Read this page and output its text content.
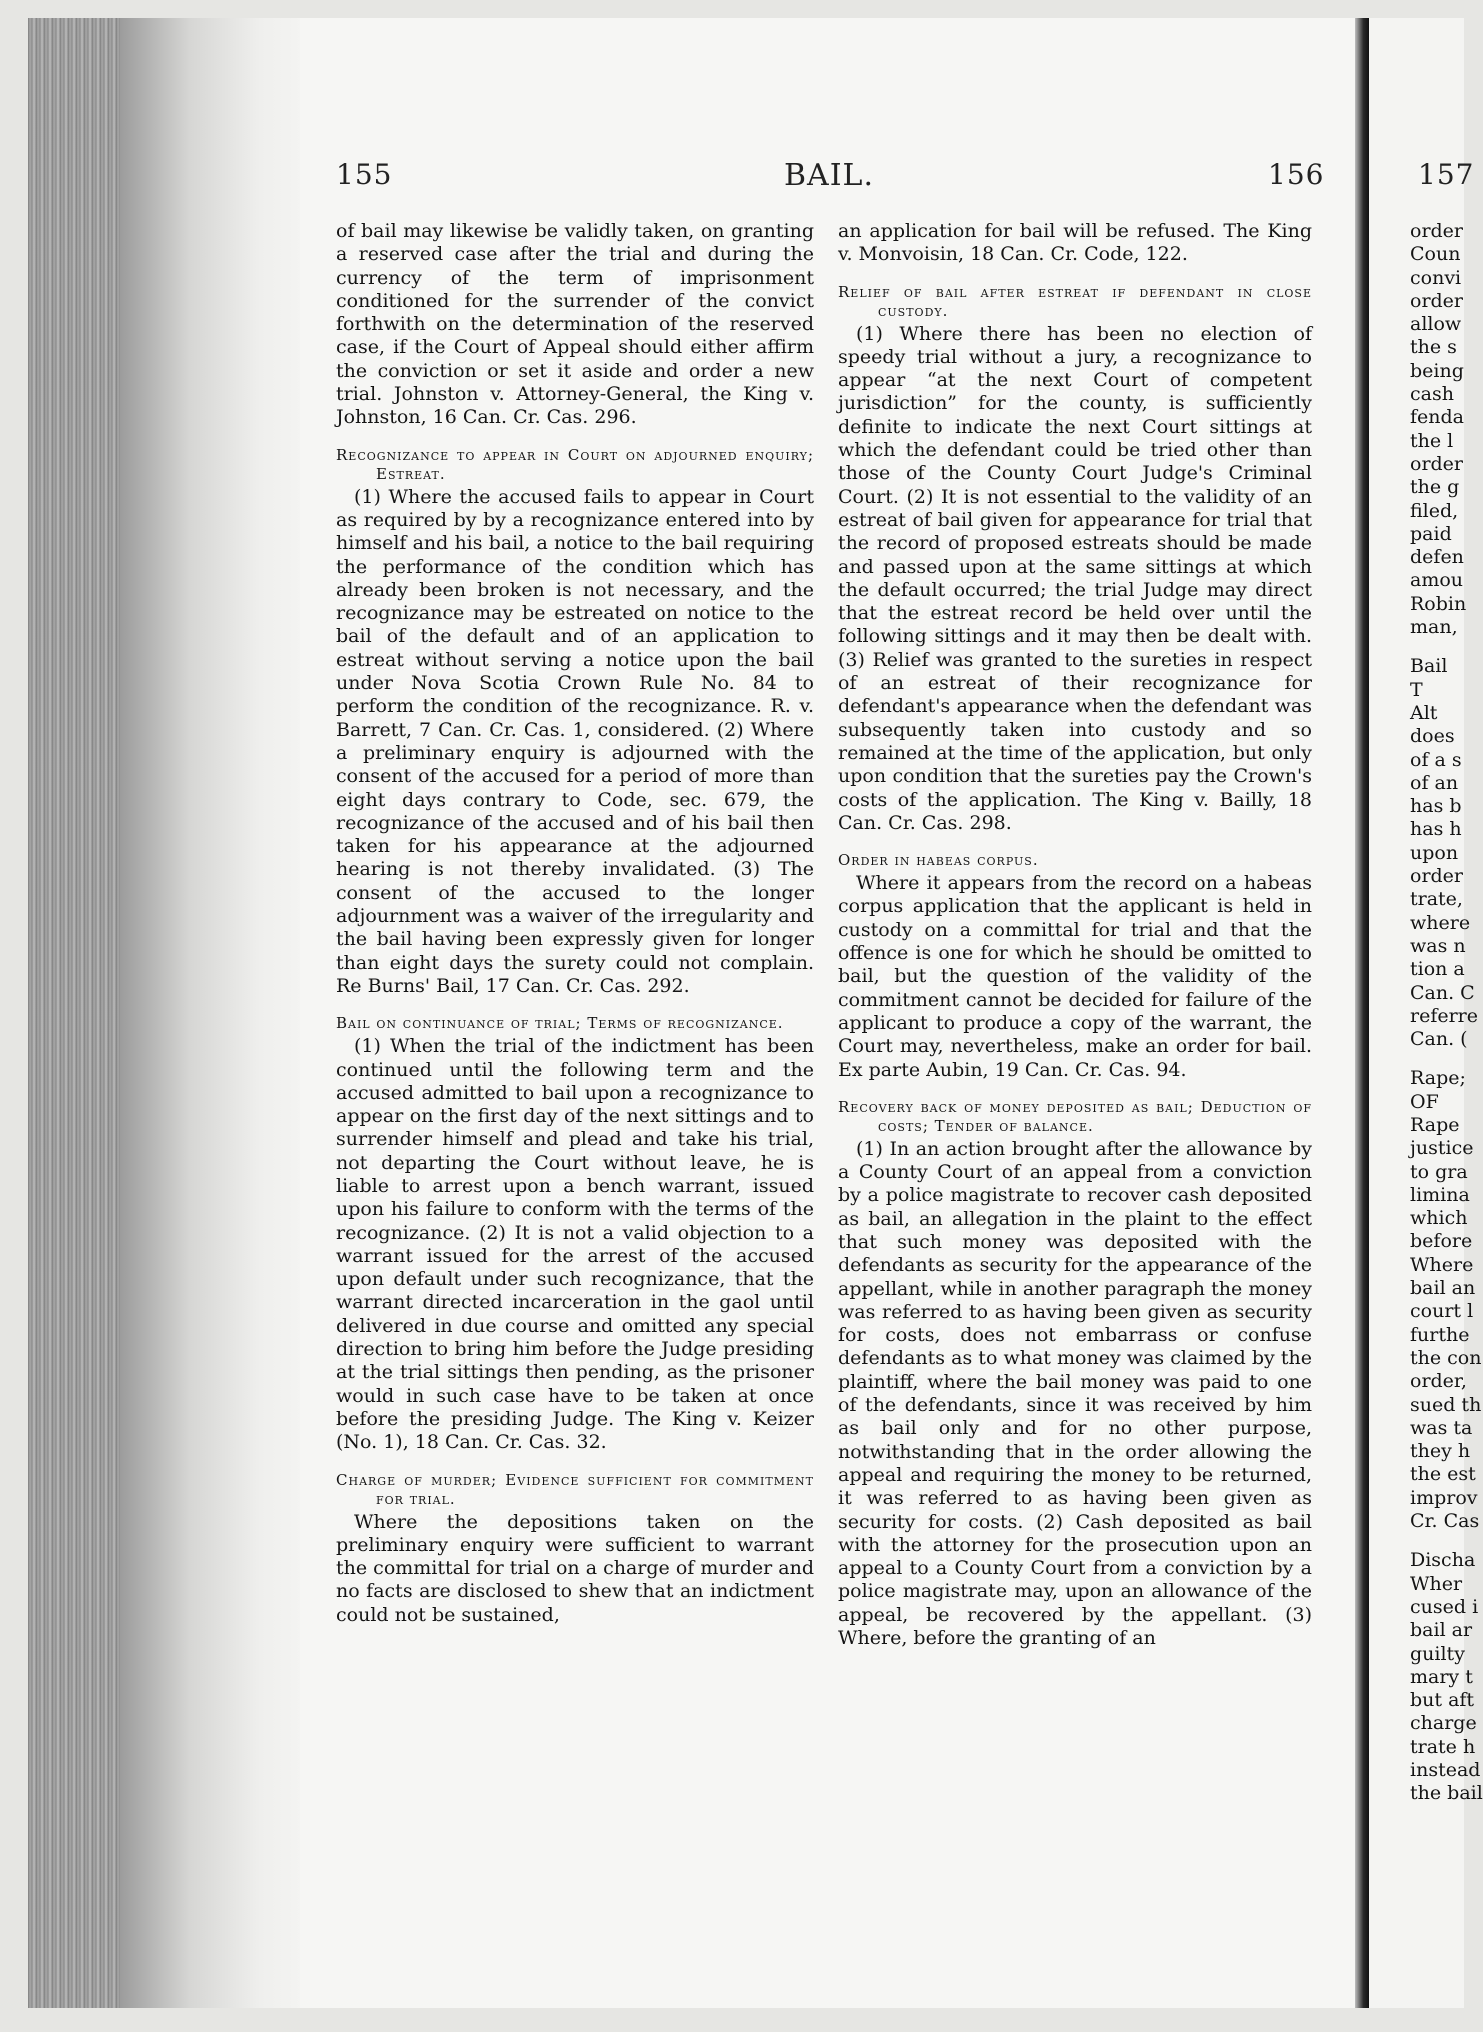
155	BAIL.	156	157

of bail may likewise be validly taken, on granting a reserved case after the trial and during the currency of the term of imprisonment conditioned for the surrender of the convict forthwith on the determination of the reserved case, if the Court of Appeal should either affirm the conviction or set it aside and order a new trial. Johnston v. Attorney-General, the King v. Johnston, 16 Can. Cr. Cas. 296.

Recognizance to appear in Court on adjourned enquiry; Estreat.

(1) Where the accused fails to appear in Court as required by by a recognizance entered into by himself and his bail, a notice to the bail requiring the performance of the condition which has already been broken is not necessary, and the recognizance may be estreated on notice to the bail of the default and of an application to estreat without serving a notice upon the bail under Nova Scotia Crown Rule No. 84 to perform the condition of the recognizance. R. v. Barrett, 7 Can. Cr. Cas. 1, considered. (2) Where a preliminary enquiry is adjourned with the consent of the accused for a period of more than eight days contrary to Code, sec. 679, the recognizance of the accused and of his bail then taken for his appearance at the adjourned hearing is not thereby invalidated. (3) The consent of the accused to the longer adjournment was a waiver of the irregularity and the bail having been expressly given for longer than eight days the surety could not complain. Re Burns' Bail, 17 Can. Cr. Cas. 292.

Bail on continuance of trial; Terms of recognizance.

(1) When the trial of the indictment has been continued until the following term and the accused admitted to bail upon a recognizance to appear on the first day of the next sittings and to surrender himself and plead and take his trial, not departing the Court without leave, he is liable to arrest upon a bench warrant, issued upon his failure to conform with the terms of the recognizance. (2) It is not a valid objection to a warrant issued for the arrest of the accused upon default under such recognizance, that the warrant directed incarceration in the gaol until delivered in due course and omitted any special direction to bring him before the Judge presiding at the trial sittings then pending, as the prisoner would in such case have to be taken at once before the presiding Judge. The King v. Keizer (No. 1), 18 Can. Cr. Cas. 32.

Charge of murder; Evidence sufficient for commitment for trial.

Where the depositions taken on the preliminary enquiry were sufficient to warrant the committal for trial on a charge of murder and no facts are disclosed to shew that an indictment could not be sustained,

an application for bail will be refused. The King v. Monvoisin, 18 Can. Cr. Code, 122.

Relief of bail after estreat if defendant in close custody.

(1) Where there has been no election of speedy trial without a jury, a recognizance to appear “at the next Court of competent jurisdiction” for the county, is sufficiently definite to indicate the next Court sittings at which the defendant could be tried other than those of the County Court Judge's Criminal Court. (2) It is not essential to the validity of an estreat of bail given for appearance for trial that the record of proposed estreats should be made and passed upon at the same sittings at which the default occurred; the trial Judge may direct that the estreat record be held over until the following sittings and it may then be dealt with. (3) Relief was granted to the sureties in respect of an estreat of their recognizance for defendant's appearance when the defendant was subsequently taken into custody and so remained at the time of the application, but only upon condition that the sureties pay the Crown's costs of the application. The King v. Bailly, 18 Can. Cr. Cas. 298.

Order in habeas corpus.

Where it appears from the record on a habeas corpus application that the applicant is held in custody on a committal for trial and that the offence is one for which he should be omitted to bail, but the question of the validity of the commitment cannot be decided for failure of the applicant to produce a copy of the warrant, the Court may, nevertheless, make an order for bail. Ex parte Aubin, 19 Can. Cr. Cas. 94.

Recovery back of money deposited as bail; Deduction of costs; Tender of balance.

(1) In an action brought after the allowance by a County Court of an appeal from a conviction by a police magistrate to recover cash deposited as bail, an allegation in the plaint to the effect that such money was deposited with the defendants as security for the appearance of the appellant, while in another paragraph the money was referred to as having been given as security for costs, does not embarrass or confuse defendants as to what money was claimed by the plaintiff, where the bail money was paid to one of the defendants, since it was received by him as bail only and for no other purpose, notwithstanding that in the order allowing the appeal and requiring the money to be returned, it was referred to as having been given as security for costs. (2) Cash deposited as bail with the attorney for the prosecution upon an appeal to a County Court from a conviction by a police magistrate may, upon an allowance of the appeal, be recovered by the appellant. (3) Where, before the granting of an

order
Coun
convi
order
allow
the s
being
cash
fenda
the l
order
the g
filed,
paid
defen
amou
Robin
man,
Bail
T
Alt
does
of a s
of an
has b
has h
upon
order
trate,
where
was n
tion a
Can. C
referre
Can. (
Rape;
OF
Rape
justice
to gra
limina
which
before
Where
bail an
court l
furthe
the con
order,
sued th
was ta
they h
the est
improv
Cr. Cas
Discha
Wher
cused i
bail ar
guilty
mary t
but aft
charge
trate h
instead
the bail
